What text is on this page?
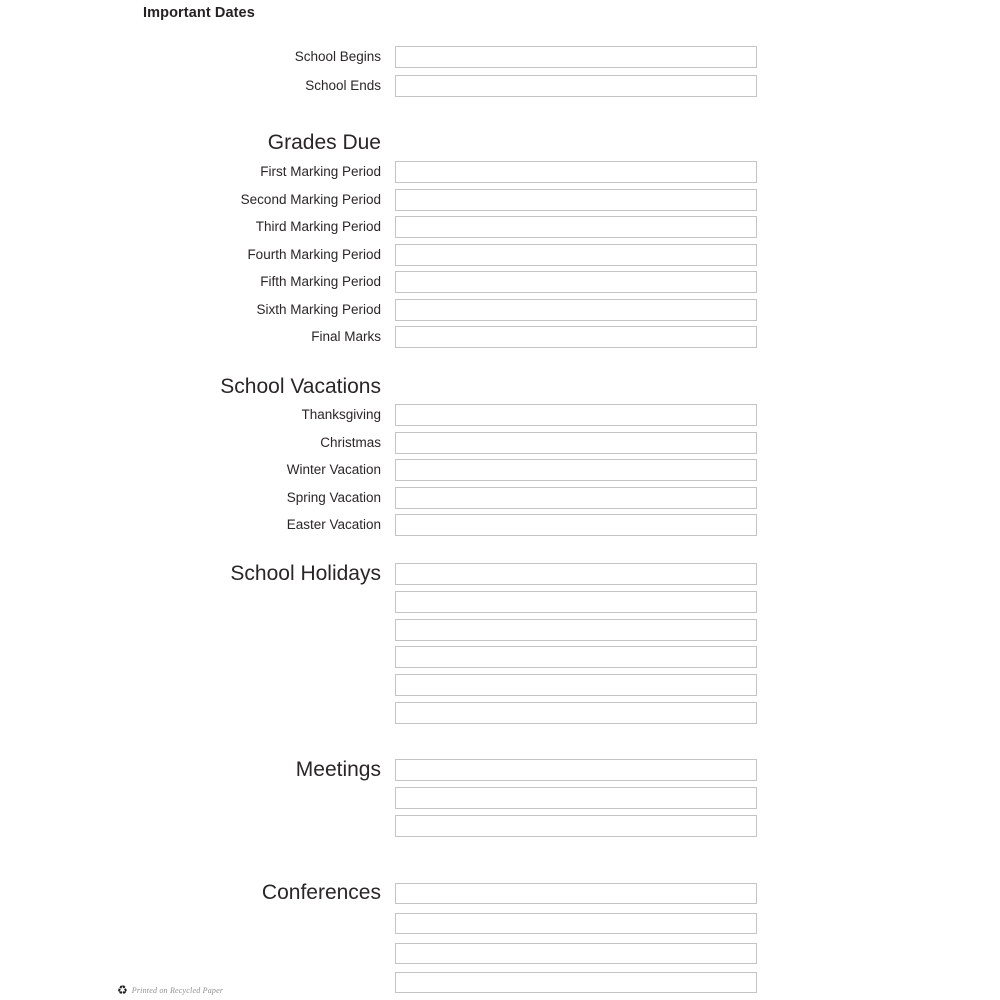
Important Dates
School Begins
School Ends
Grades Due
First Marking Period
Second Marking Period
Third Marking Period
Fourth Marking Period
Fifth Marking Period
Sixth Marking Period
Final Marks
School Vacations
Thanksgiving
Christmas
Winter Vacation
Spring Vacation
Easter Vacation
School Holidays
Meetings
Conferences
♻ Printed on Recycled Paper
